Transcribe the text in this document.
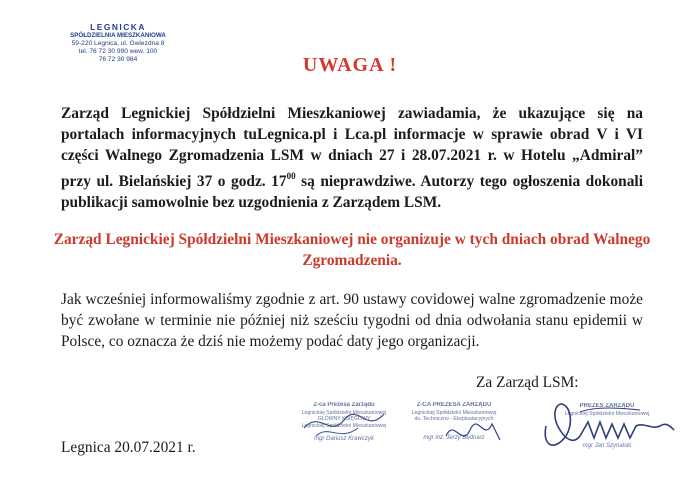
LEGNICKA
SPÓŁDZIELNIA MIESZKANIOWA
59-220 Legnica, ul. Gwiezdna 8
tel. 76 72 30 990 wew. 100
76 72 30 984	UWAGA !

Zarząd Legnickiej Spółdzielni Mieszkaniowej zawiadamia, że ukazujące się na portalach informacyjnych tuLegnica.pl i Lca.pl informacje w sprawie obrad V i VI części Walnego Zgromadzenia LSM w dniach 27 i 28.07.2021 r. w Hotelu „Admiral” przy ul. Bielańskiej 37 o godz. $17^{00}$ są nieprawdziwe. Autorzy tego ogłoszenia dokonali publikacji samowolnie bez uzgodnienia z Zarządem LSM.

Zarząd Legnickiej Spółdzielni Mieszkaniowej nie organizuje w tych dniach obrad Walnego Zgromadzenia.

Jak wcześniej informowaliśmy zgodnie z art. 90 ustawy covidowej walne zgromadzenie może być zwołane w terminie nie później niż sześciu tygodni od dnia odwołania stanu epidemii w Polsce, co oznacza że dziś nie możemy podać daty jego organizacji.

Za Zarząd LSM:
Legnica 20.07.2021 r.
Z-ca Prezesa Zarządu
Legnickiej Spółdzielni Mieszkaniowej
GŁÓWNY KSIĘGOWY
Legnickiej Spółdzielni Mieszkaniowej
mgr Dariusz Krawczyk
Z-CA PREZESA ZARZĄDU
Legnickiej Spółdzielni Mieszkaniowej
ds. Techniczno - Eksploatacyjnych
mgr inż. Jerzy Bednarz
PREZES ZARZĄDU
Legnickiej Spółdzielni Mieszkaniowej
mgr Jan Szynalski
